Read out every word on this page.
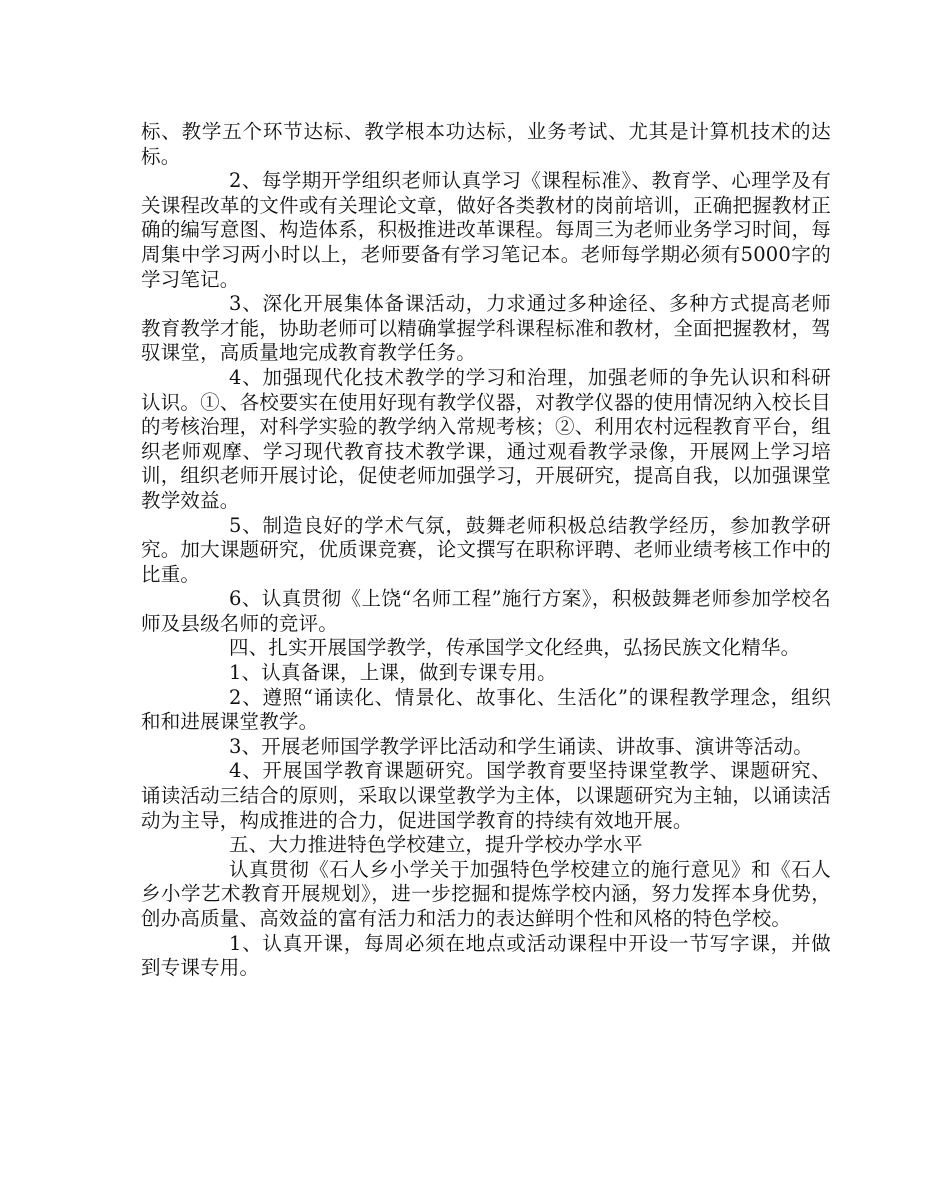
标、教学五个环节达标、教学根本功达标，业务考试、尤其是计算机技术的达标。

2、每学期开学组织老师认真学习《课程标准》、教育学、心理学及有关课程改革的文件或有关理论文章，做好各类教材的岗前培训，正确把握教材正确的编写意图、构造体系，积极推进改革课程。每周三为老师业务学习时间，每周集中学习两小时以上，老师要备有学习笔记本。老师每学期必须有5000字的学习笔记。

3、深化开展集体备课活动，力求通过多种途径、多种方式提高老师教育教学才能，协助老师可以精确掌握学科课程标准和教材，全面把握教材，驾驭课堂，高质量地完成教育教学任务。

4、加强现代化技术教学的学习和治理，加强老师的争先认识和科研认识。①、各校要实在使用好现有教学仪器，对教学仪器的使用情况纳入校长目的考核治理，对科学实验的教学纳入常规考核；②、利用农村远程教育平台，组织老师观摩、学习现代教育技术教学课，通过观看教学录像，开展网上学习培训，组织老师开展讨论，促使老师加强学习，开展研究，提高自我，以加强课堂教学效益。

5、制造良好的学术气氛，鼓舞老师积极总结教学经历，参加教学研究。加大课题研究，优质课竞赛，论文撰写在职称评聘、老师业绩考核工作中的比重。

6、认真贯彻《上饶“名师工程”施行方案》，积极鼓舞老师参加学校名师及县级名师的竞评。

四、扎实开展国学教学，传承国学文化经典，弘扬民族文化精华。

1、认真备课，上课，做到专课专用。

2、遵照“诵读化、情景化、故事化、生活化”的课程教学理念，组织和和进展课堂教学。

3、开展老师国学教学评比活动和学生诵读、讲故事、演讲等活动。

4、开展国学教育课题研究。国学教育要坚持课堂教学、课题研究、诵读活动三结合的原则，采取以课堂教学为主体，以课题研究为主轴，以诵读活动为主导，构成推进的合力，促进国学教育的持续有效地开展。

五、大力推进特色学校建立，提升学校办学水平

认真贯彻《石人乡小学关于加强特色学校建立的施行意见》和《石人乡小学艺术教育开展规划》，进一步挖掘和提炼学校内涵，努力发挥本身优势，创办高质量、高效益的富有活力和活力的表达鲜明个性和风格的特色学校。

1、认真开课，每周必须在地点或活动课程中开设一节写字课，并做到专课专用。
